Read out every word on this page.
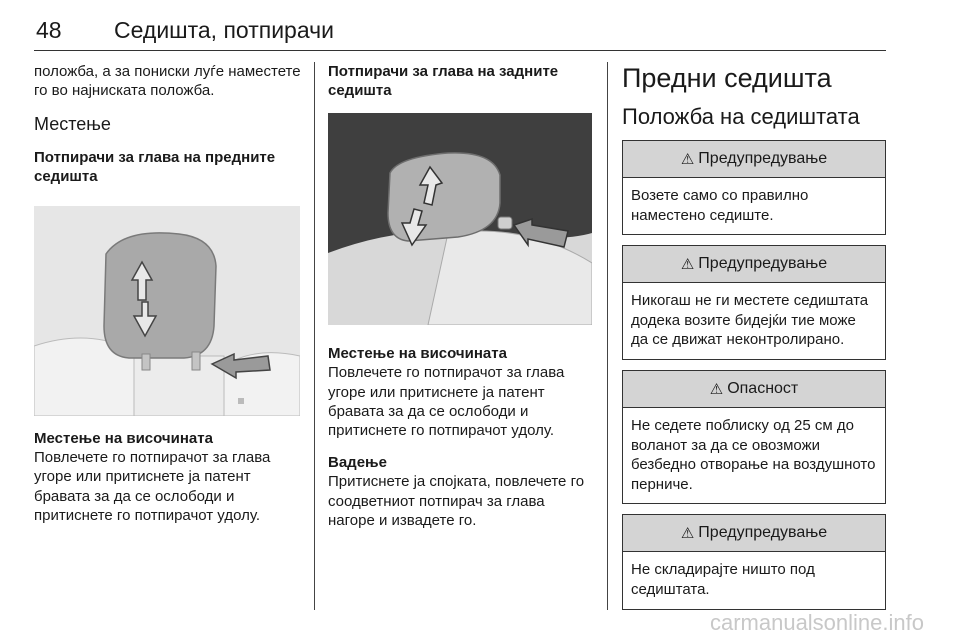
48 Седишта, потпирачи

положба, а за пониски луѓе наместете го во најниската положба.

Местење
Потпирачи за глава на предните седишта
Местење на височината

Повлечете го потпирачот за глава угоре или притиснете ја патент бравата за да се ослободи и притиснете го потпирачот удолу.

Потпирачи за глава на задните седишта
Местење на височината

Повлечете го потпирачот за глава угоре или притиснете ја патент бравата за да се ослободи и притиснете го потпирачот удолу.

Вадење

Притиснете ја спојката, повлечете го соодветниот потпирач за глава нагоре и извадете го.

Предни седишта
Положба на седиштата
⚠ Предупредување
Возете само со правилно наместено седиште.
⚠ Предупредување
Никогаш не ги местете седиштата додека возите бидејќи тие може да се движат неконтролирано.
⚠ Опасност
Не седете поблиску од 25 см до воланот за да се овозможи безбедно отворање на воздушното перниче.
⚠ Предупредување
Не складирајте ништо под седиштата.
carmanualsonline.info
